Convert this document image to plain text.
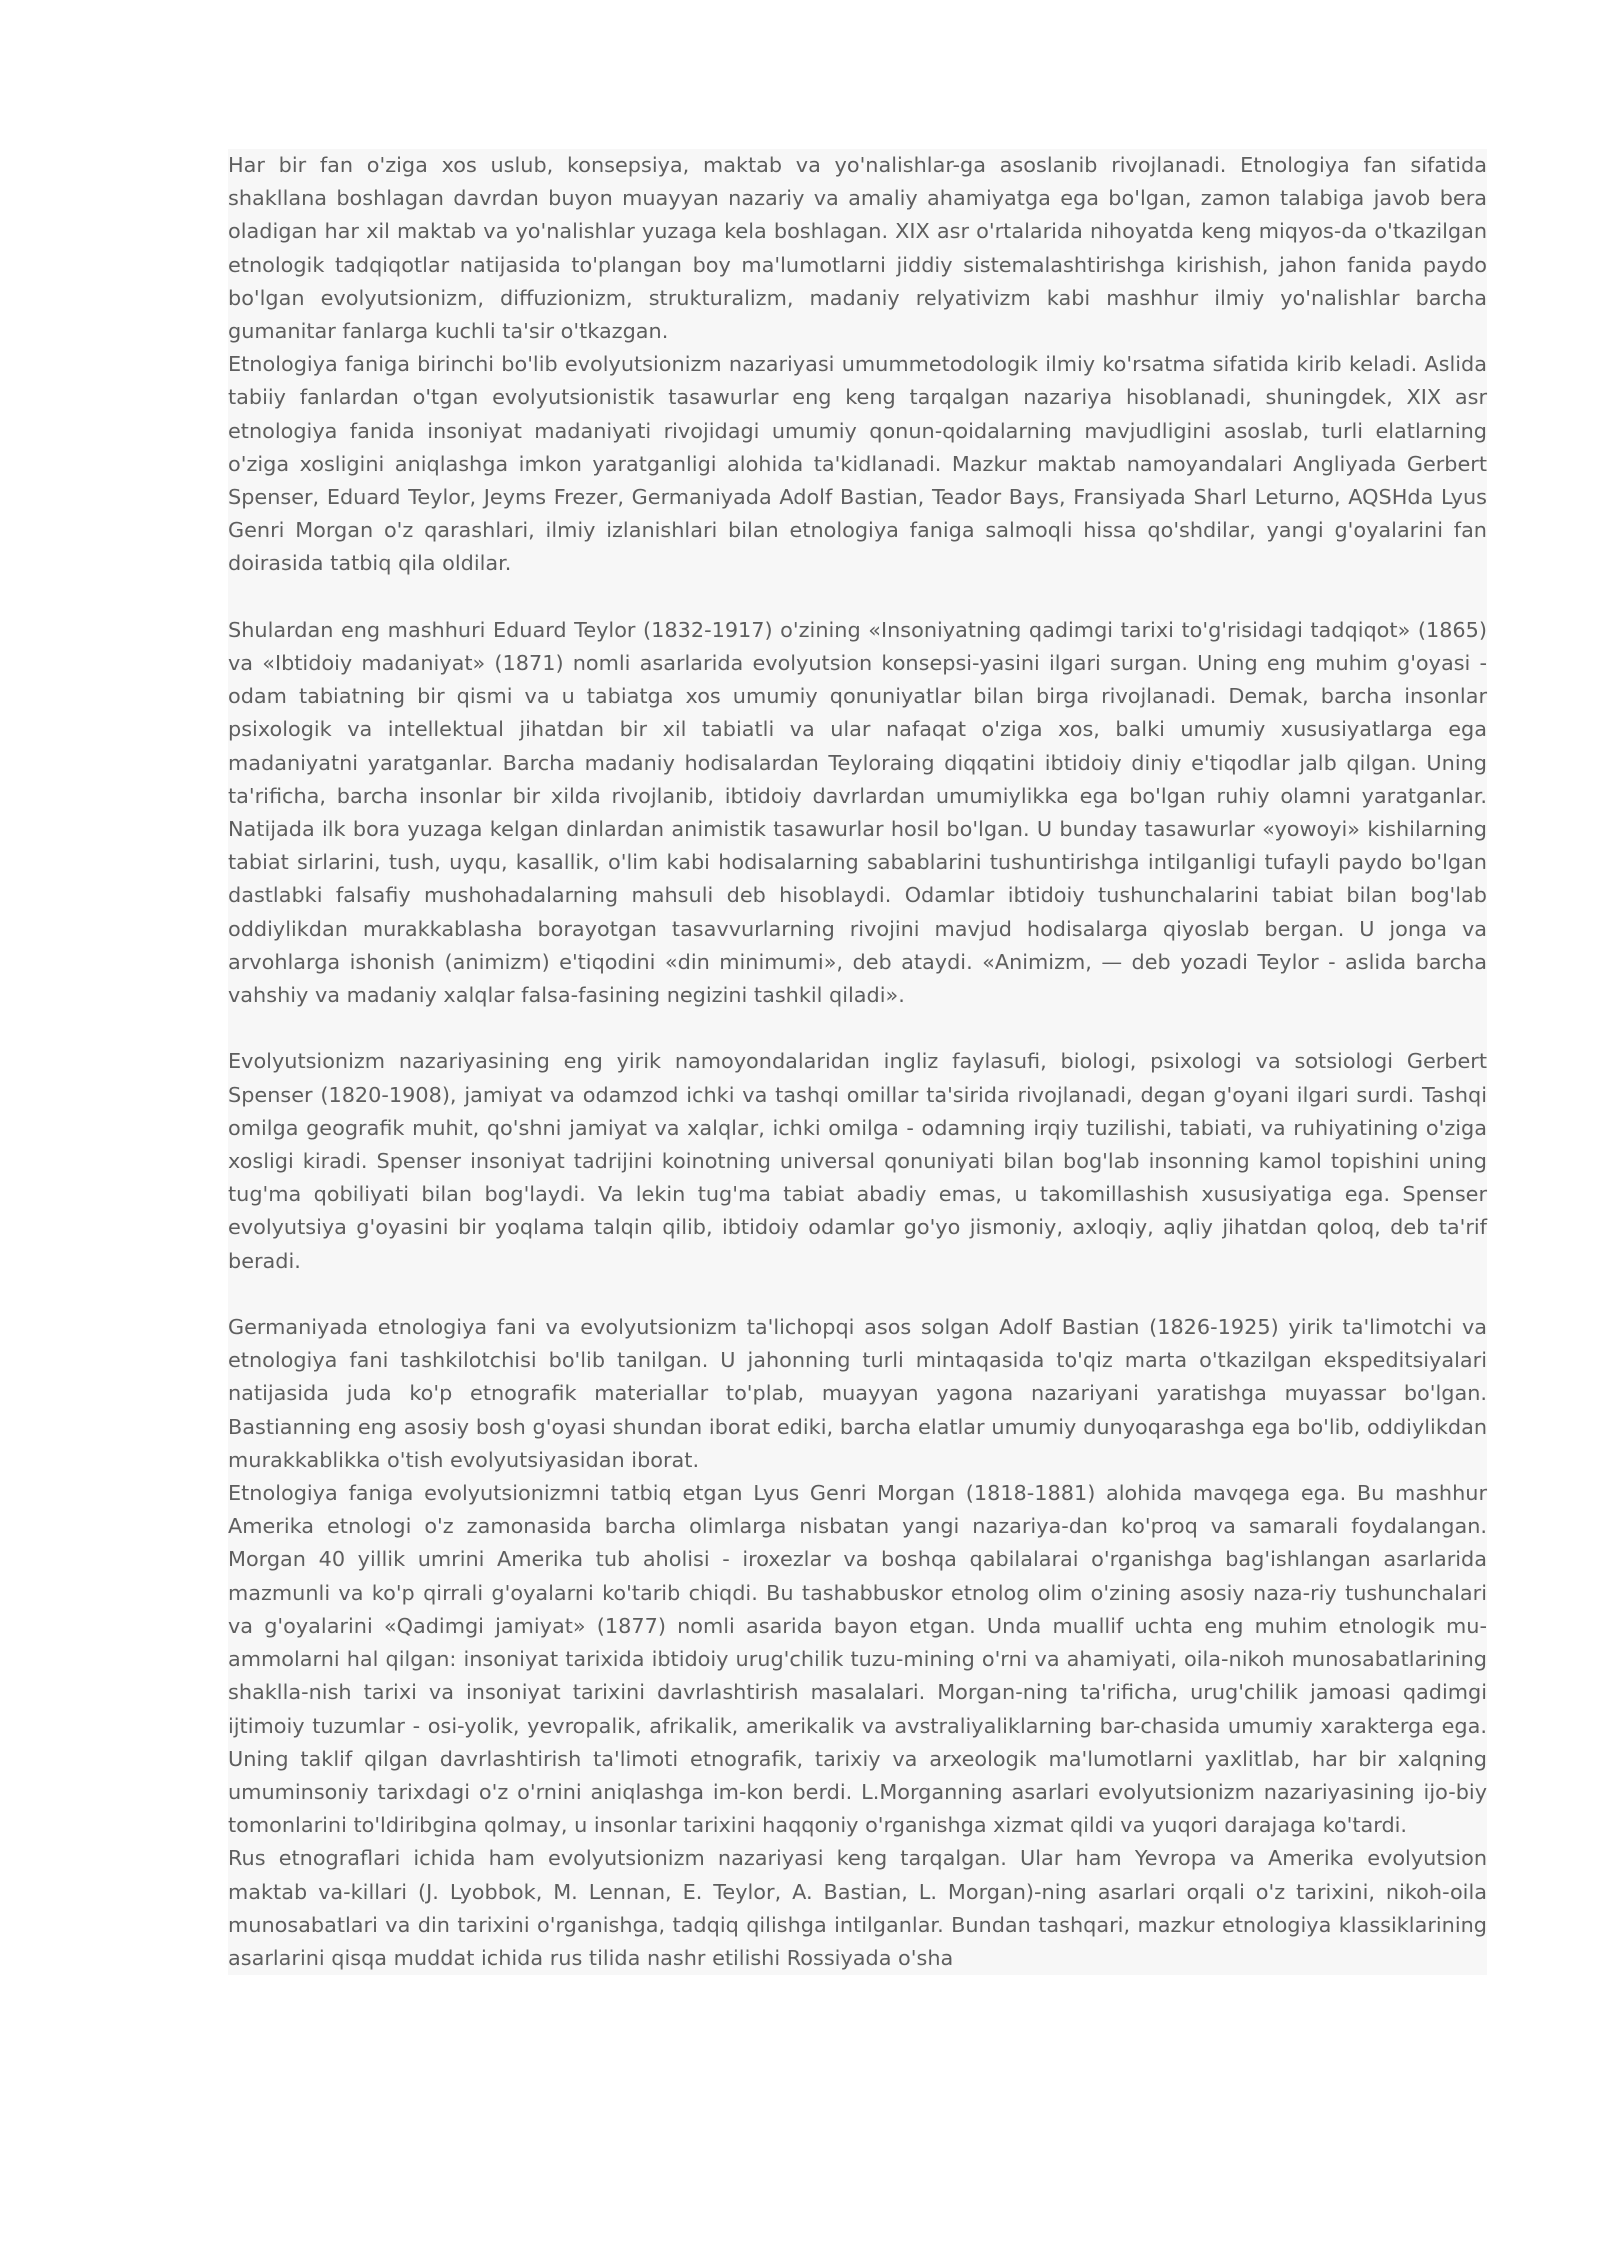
Har bir fan o'ziga xos uslub, konsepsiya, maktab va yo'nalishlar-ga asoslanib rivojlanadi. Etnologiya fan sifatida shakllana boshlagan davrdan buyon muayyan nazariy va amaliy ahamiyatga ega bo'lgan, zamon talabiga javob bera oladigan har xil maktab va yo'nalishlar yuzaga kela boshlagan. XIX asr o'rtalarida nihoyatda keng miqyos-da o'tkazilgan etnologik tadqiqotlar natijasida to'plangan boy ma'lumotlarni jiddiy sistemalashtirishga kirishish, jahon fanida paydo bo'lgan evolyutsionizm, diffuzionizm, strukturalizm, madaniy relyativizm kabi mashhur ilmiy yo'nalishlar barcha gumanitar fanlarga kuchli ta'sir o'tkazgan.

Etnologiya faniga birinchi bo'lib evolyutsionizm nazariyasi umummetodologik ilmiy ko'rsatma sifatida kirib keladi. Aslida tabiiy fanlardan o'tgan evolyutsionistik tasawurlar eng keng tarqalgan nazariya hisoblanadi, shuningdek, XIX asr etnologiya fanida insoniyat madaniyati rivojidagi umumiy qonun-qoidalarning mavjudligini asoslab, turli elatlarning o'ziga xosligini aniqlashga imkon yaratganligi alohida ta'kidlanadi. Mazkur maktab namoyandalari Angliyada Gerbert Spenser, Eduard Teylor, Jeyms Frezer, Germaniyada Adolf Bastian, Teador Bays, Fransiyada Sharl Leturno, AQSHda Lyus Genri Morgan o'z qarashlari, ilmiy izlanishlari bilan etnologiya faniga salmoqli hissa qo'shdilar, yangi g'oyalarini fan doirasida tatbiq qila oldilar.

Shulardan eng mashhuri Eduard Teylor (1832-1917) o'zining «Insoniyatning qadimgi tarixi to'g'risidagi tadqiqot» (1865) va «Ibtidoiy madaniyat» (1871) nomli asarlarida evolyutsion konsepsi-yasini ilgari surgan. Uning eng muhim g'oyasi - odam tabiatning bir qismi va u tabiatga xos umumiy qonuniyatlar bilan birga rivojlanadi. Demak, barcha insonlar psixologik va intellektual jihatdan bir xil tabiatli va ular nafaqat o'ziga xos, balki umumiy xususiyatlarga ega madaniyatni yaratganlar. Barcha madaniy hodisalardan Teyloraing diqqatini ibtidoiy diniy e'tiqodlar jalb qilgan. Uning ta'rificha, barcha insonlar bir xilda rivojlanib, ibtidoiy davrlardan umumiylikka ega bo'lgan ruhiy olamni yaratganlar. Natijada ilk bora yuzaga kelgan dinlardan animistik tasawurlar hosil bo'lgan. U bunday tasawurlar «yowoyi» kishilarning tabiat sirlarini, tush, uyqu, kasallik, o'lim kabi hodisalarning sabablarini tushuntirishga intilganligi tufayli paydo bo'lgan dastlabki falsafiy mushohadalarning mahsuli deb hisoblaydi. Odamlar ibtidoiy tushunchalarini tabiat bilan bog'lab oddiylikdan murakkablasha borayotgan tasavvurlarning rivojini mavjud hodisalarga qiyoslab bergan. U jonga va arvohlarga ishonish (animizm) e'tiqodini «din minimumi», deb ataydi. «Animizm, — deb yozadi Teylor - aslida barcha vahshiy va madaniy xalqlar falsa-fasining negizini tashkil qiladi».

Evolyutsionizm nazariyasining eng yirik namoyondalaridan ingliz faylasufi, biologi, psixologi va sotsiologi Gerbert Spenser (1820-1908), jamiyat va odamzod ichki va tashqi omillar ta'sirida rivojlanadi, degan g'oyani ilgari surdi. Tashqi omilga geografik muhit, qo'shni jamiyat va xalqlar, ichki omilga - odamning irqiy tuzilishi, tabiati, va ruhiyatining o'ziga xosligi kiradi. Spenser insoniyat tadrijini koinotning universal qonuniyati bilan bog'lab insonning kamol topishini uning tug'ma qobiliyati bilan bog'laydi. Va lekin tug'ma tabiat abadiy emas, u takomillashish xususiyatiga ega. Spenser evolyutsiya g'oyasini bir yoqlama talqin qilib, ibtidoiy odamlar go'yo jismoniy, axloqiy, aqliy jihatdan qoloq, deb ta'rif beradi.

Germaniyada etnologiya fani va evolyutsionizm ta'lichopqi asos solgan Adolf Bastian (1826-1925) yirik ta'limotchi va etnologiya fani tashkilotchisi bo'lib tanilgan. U jahonning turli mintaqasida to'qiz marta o'tkazilgan ekspeditsiyalari natijasida juda ko'p etnografik materiallar to'plab, muayyan yagona nazariyani yaratishga muyassar bo'lgan. Bastianning eng asosiy bosh g'oyasi shundan iborat ediki, barcha elatlar umumiy dunyoqarashga ega bo'lib, oddiylikdan murakkablikka o'tish evolyutsiyasidan iborat.

Etnologiya faniga evolyutsionizmni tatbiq etgan Lyus Genri Morgan (1818-1881) alohida mavqega ega. Bu mashhur Amerika etnologi o'z zamonasida barcha olimlarga nisbatan yangi nazariya-dan ko'proq va samarali foydalangan. Morgan 40 yillik umrini Amerika tub aholisi - iroxezlar va boshqa qabilalarai o'rganishga bag'ishlangan asarlarida mazmunli va ko'p qirrali g'oyalarni ko'tarib chiqdi. Bu tashabbuskor etnolog olim o'zining asosiy naza-riy tushunchalari va g'oyalarini «Qadimgi jamiyat» (1877) nomli asarida bayon etgan. Unda muallif uchta eng muhim etnologik mu-ammolarni hal qilgan: insoniyat tarixida ibtidoiy urug'chilik tuzu-mining o'rni va ahamiyati, oila-nikoh munosabatlarining shaklla-nish tarixi va insoniyat tarixini davrlashtirish masalalari. Morgan-ning ta'rificha, urug'chilik jamoasi qadimgi ijtimoiy tuzumlar - osi-yolik, yevropalik, afrikalik, amerikalik va avstraliyaliklarning bar-chasida umumiy xarakterga ega. Uning taklif qilgan davrlashtirish ta'limoti etnografik, tarixiy va arxeologik ma'lumotlarni yaxlitlab, har bir xalqning umuminsoniy tarixdagi o'z o'rnini aniqlashga im-kon berdi. L.Morganning asarlari evolyutsionizm nazariyasining ijo-biy tomonlarini to'ldiribgina qolmay, u insonlar tarixini haqqoniy o'rganishga xizmat qildi va yuqori darajaga ko'tardi.

Rus etnograflari ichida ham evolyutsionizm nazariyasi keng tarqalgan. Ular ham Yevropa va Amerika evolyutsion maktab va-killari (J. Lyobbok, M. Lennan, E. Teylor, A. Bastian, L. Morgan)-ning asarlari orqali o'z tarixini, nikoh-oila munosabatlari va din tarixini o'rganishga, tadqiq qilishga intilganlar. Bundan tashqari, mazkur etnologiya klassiklarining asarlarini qisqa muddat ichida rus tilida nashr etilishi Rossiyada o'sha
